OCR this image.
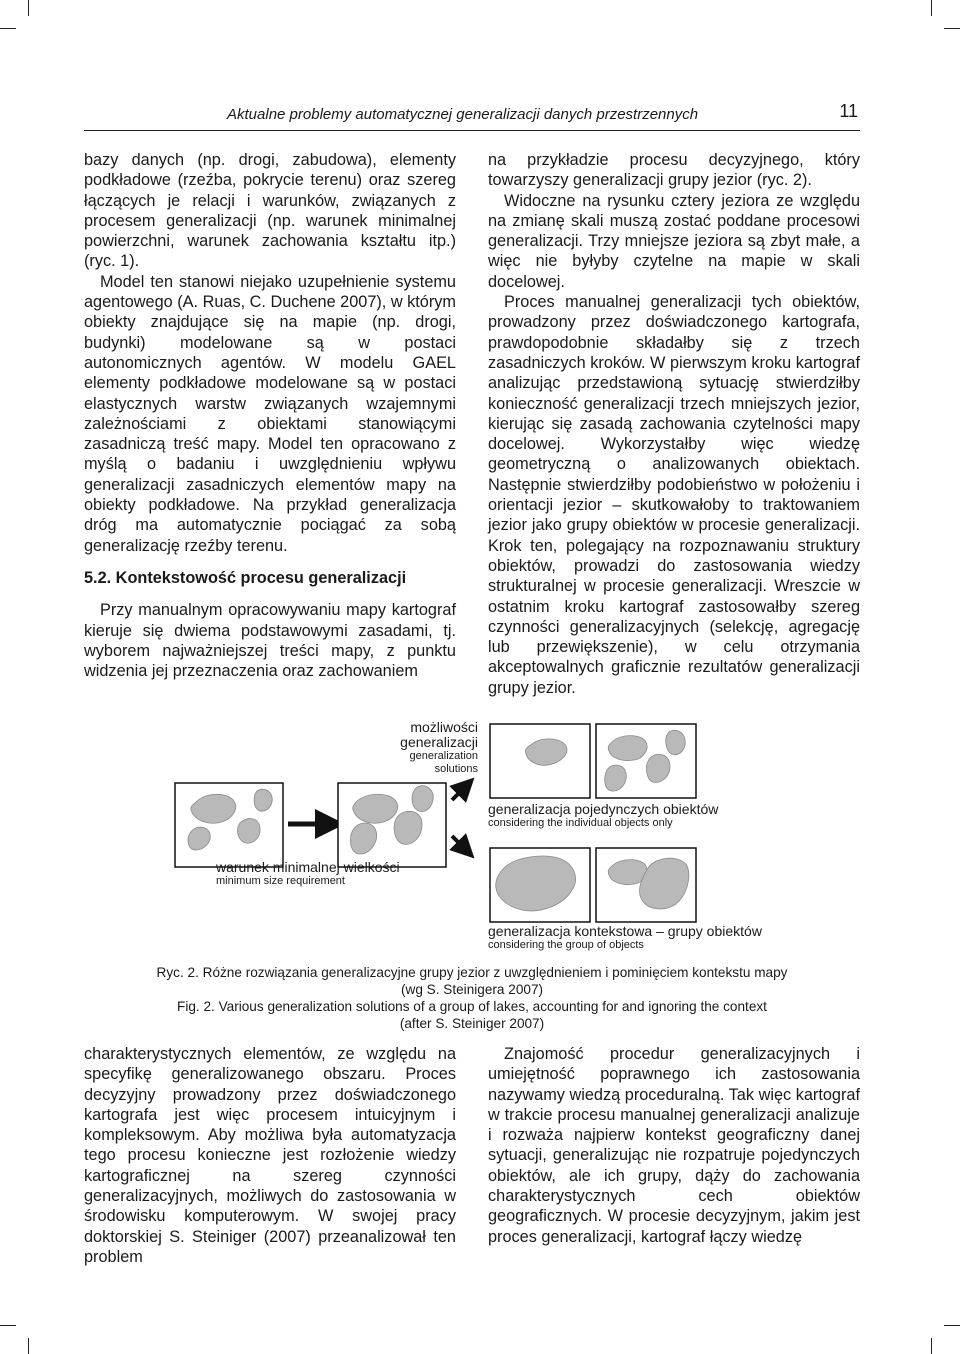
Aktualne problemy automatycznej generalizacji danych przestrzennych	11

bazy danych (np. drogi, zabudowa), elementy podkładowe (rzeźba, pokrycie terenu) oraz szereg łączących je relacji i warunków, związanych z procesem generalizacji (np. warunek minimalnej powierzchni, warunek zachowania kształtu itp.) (ryc. 1).

Model ten stanowi niejako uzupełnienie systemu agentowego (A. Ruas, C. Duchene 2007), w którym obiekty znajdujące się na mapie (np. drogi, budynki) modelowane są w postaci autonomicznych agentów. W modelu GAEL elementy podkładowe modelowane są w postaci elastycznych warstw związanych wzajemnymi zależnościami z obiektami stanowiącymi zasadniczą treść mapy. Model ten opracowano z myślą o badaniu i uwzględnieniu wpływu generalizacji zasadniczych elementów mapy na obiekty podkładowe. Na przykład generalizacja dróg ma automatycznie pociągać za sobą generalizację rzeźby terenu.

5.2. Kontekstowość procesu generalizacji

Przy manualnym opracowywaniu mapy kartograf kieruje się dwiema podstawowymi zasadami, tj. wyborem najważniejszej treści mapy, z punktu widzenia jej przeznaczenia oraz zachowaniem

na przykładzie procesu decyzyjnego, który towarzyszy generalizacji grupy jezior (ryc. 2).

Widoczne na rysunku cztery jeziora ze względu na zmianę skali muszą zostać poddane procesowi generalizacji. Trzy mniejsze jeziora są zbyt małe, a więc nie byłyby czytelne na mapie w skali docelowej.

Proces manualnej generalizacji tych obiektów, prowadzony przez doświadczonego kartografa, prawdopodobnie składałby się z trzech zasadniczych kroków. W pierwszym kroku kartograf analizując przedstawioną sytuację stwierdziłby konieczność generalizacji trzech mniejszych jezior, kierując się zasadą zachowania czytelności mapy docelowej. Wykorzystałby więc wiedzę geometryczną o analizowanych obiektach. Następnie stwierdziłby podobieństwo w położeniu i orientacji jezior – skutkowałoby to traktowaniem jezior jako grupy obiektów w procesie generalizacji. Krok ten, polegający na rozpoznawaniu struktury obiektów, prowadzi do zastosowania wiedzy strukturalnej w procesie generalizacji. Wreszcie w ostatnim kroku kartograf zastosowałby szereg czynności generalizacyjnych (selekcję, agregację lub przewiększenie), w celu otrzymania akceptowalnych graficznie rezultatów generalizacji grupy jezior.

możliwości
generalizacji
generalization
solutions
warunek minimalnej wielkości
minimum size requirement
generalizacja pojedynczych obiektów
considering the individual objects only
generalizacja kontekstowa – grupy obiektów
considering the group of objects
Ryc. 2. Różne rozwiązania generalizacyjne grupy jezior z uwzględnieniem i pominięciem kontekstu mapy
(wg S. Steinigera 2007)
Fig. 2. Various generalization solutions of a group of lakes, accounting for and ignoring the context
(after S. Steiniger 2007)

charakterystycznych elementów, ze względu na specyfikę generalizowanego obszaru. Proces decyzyjny prowadzony przez doświadczonego kartografa jest więc procesem intuicyjnym i kompleksowym. Aby możliwa była automatyzacja tego procesu konieczne jest rozłożenie wiedzy kartograficznej na szereg czynności generalizacyjnych, możliwych do zastosowania w środowisku komputerowym. W swojej pracy doktorskiej S. Steiniger (2007) przeanalizował ten problem

Znajomość procedur generalizacyjnych i umiejętność poprawnego ich zastosowania nazywamy wiedzą proceduralną. Tak więc kartograf w trakcie procesu manualnej generalizacji analizuje i rozważa najpierw kontekst geograficzny danej sytuacji, generalizując nie rozpatruje pojedynczych obiektów, ale ich grupy, dąży do zachowania charakterystycznych cech obiektów geograficznych. W procesie decyzyjnym, jakim jest proces generalizacji, kartograf łączy wiedzę
